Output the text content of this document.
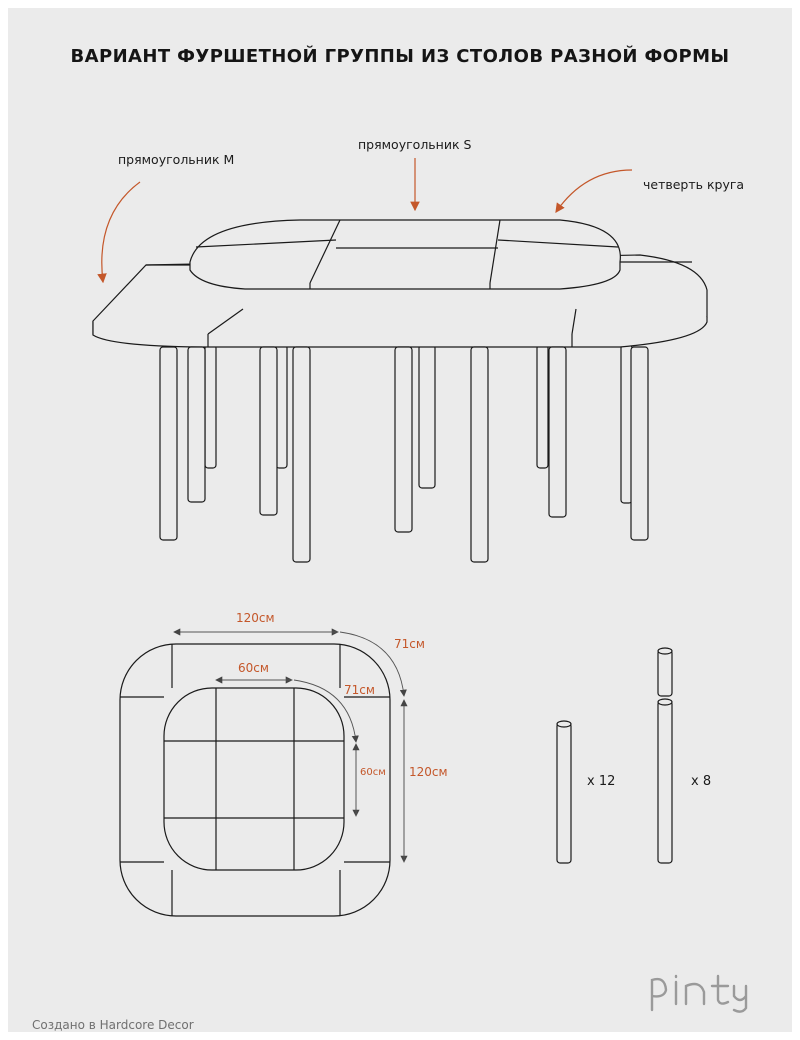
ВАРИАНТ ФУРШЕТНОЙ ГРУППЫ ИЗ СТОЛОВ РАЗНОЙ ФОРМЫ
прямоугольник M
прямоугольник S
четверть круга
120см
71см
60см
71см
60см 120см
x 12	x 8
Создано в Hardcore Decor
